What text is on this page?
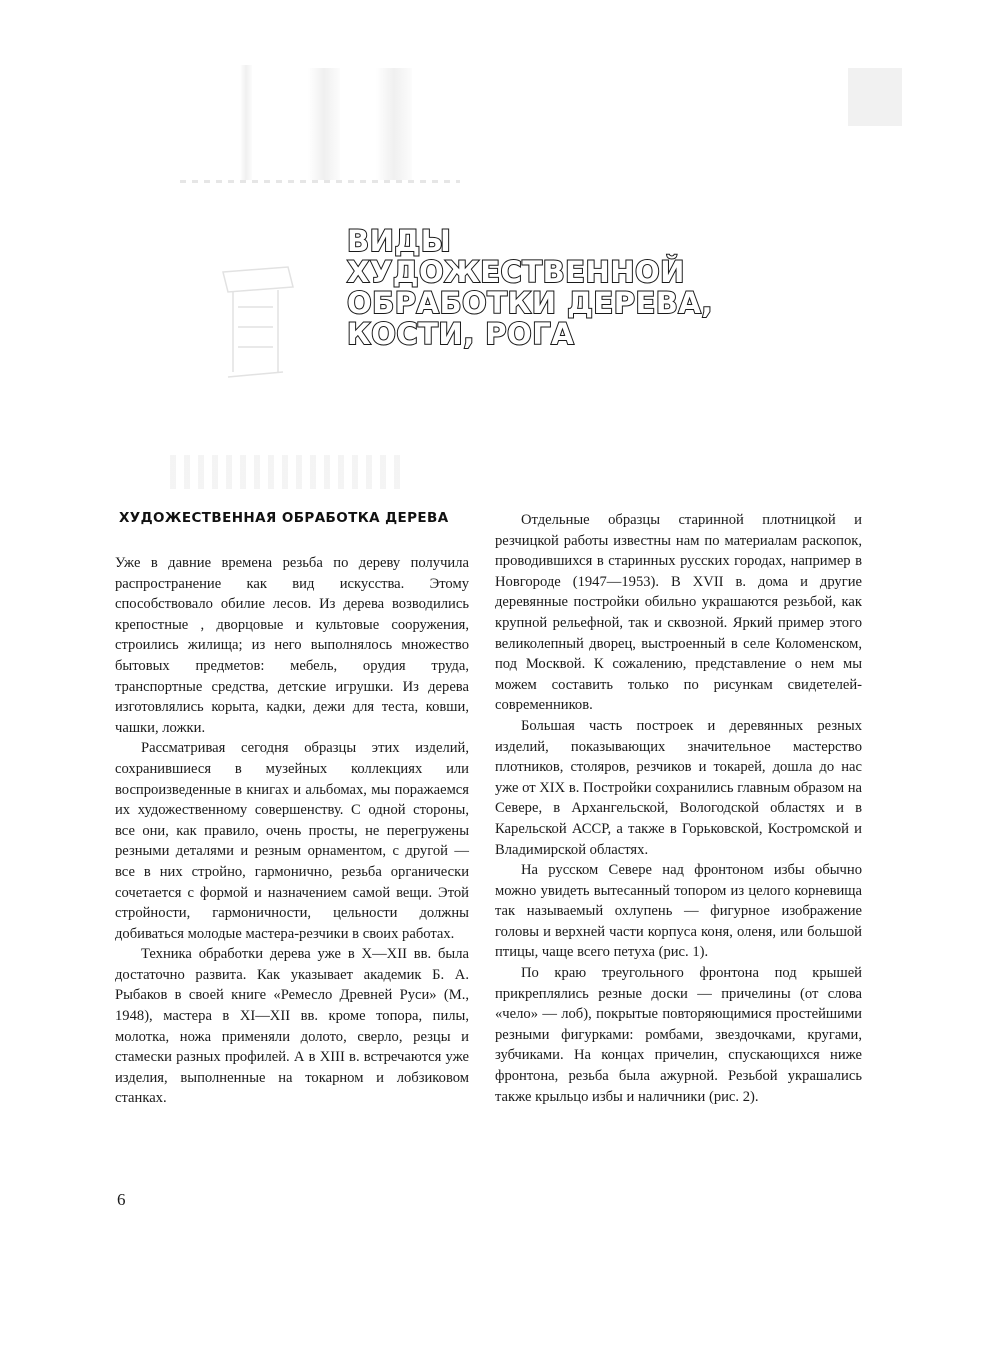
ВИДЫ
ХУДОЖЕСТВЕННОЙ
ОБРАБОТКИ ДЕРЕВА,
КОСТИ, РОГА
ХУДОЖЕСТВЕННАЯ ОБРАБОТКА ДЕРЕВА

Уже в давние времена резьба по дереву получила распространение как вид искусства. Этому способствовало обилие лесов. Из дерева возводились крепостные , дворцовые и культовые сооружения, строились жилища; из него выполнялось множество бытовых предметов: мебель, орудия труда, транспортные средства, детские игрушки. Из дерева изготовлялись корыта, кадки, дежи для теста, ковши, чашки, ложки.

Рассматривая сегодня образцы этих изделий, сохранившиеся в музейных коллекциях или воспроизведенные в книгах и альбомах, мы поражаемся их художественному совершенству. С одной стороны, все они, как правило, очень просты, не перегружены резными деталями и резным орнаментом, с другой — все в них стройно, гармонично, резьба органически сочетается с формой и назначением самой вещи. Этой стройности, гармоничности, цельности должны добиваться молодые мастера-резчики в своих работах.

Техника обработки дерева уже в X—XII вв. была достаточно развита. Как указывает академик Б. А. Рыбаков в своей книге «Ремесло Древней Руси» (М., 1948), мастера в XI—XII вв. кроме топора, пилы, молотка, ножа применяли долото, сверло, резцы и стамески разных профилей. А в XIII в. встречаются уже изделия, выполненные на токарном и лобзиковом станках.

Отдельные образцы старинной плотницкой и резчицкой работы известны нам по материалам раскопок, проводившихся в старинных русских городах, например в Новгороде (1947—1953). В XVII в. дома и другие деревянные постройки обильно украшаются резьбой, как крупной рельефной, так и сквозной. Яркий пример этого великолепный дворец, выстроенный в селе Коломенском, под Москвой. К сожалению, представление о нем мы можем составить только по рисункам свидетелей-современников.

Большая часть построек и деревянных резных изделий, показывающих значительное мастерство плотников, столяров, резчиков и токарей, дошла до нас уже от XIX в. Постройки сохранились главным образом на Севере, в Архангельской, Вологодской областях и в Карельской АССР, а также в Горьковской, Костромской и Владимирской областях.

На русском Севере над фронтоном избы обычно можно увидеть вытесанный топором из целого корневища так называемый охлупень — фигурное изображение головы и верхней части корпуса коня, оленя, или большой птицы, чаще всего петуха (рис. 1).

По краю треугольного фронтона под крышей прикреплялись резные доски — причелины (от слова «чело» — лоб), покрытые повторяющимися простейшими резными фигурками: ромбами, звездочками, кругами, зубчиками. На концах причелин, спускающихся ниже фронтона, резьба была ажурной. Резьбой украшались также крыльцо избы и наличники (рис. 2).

6
